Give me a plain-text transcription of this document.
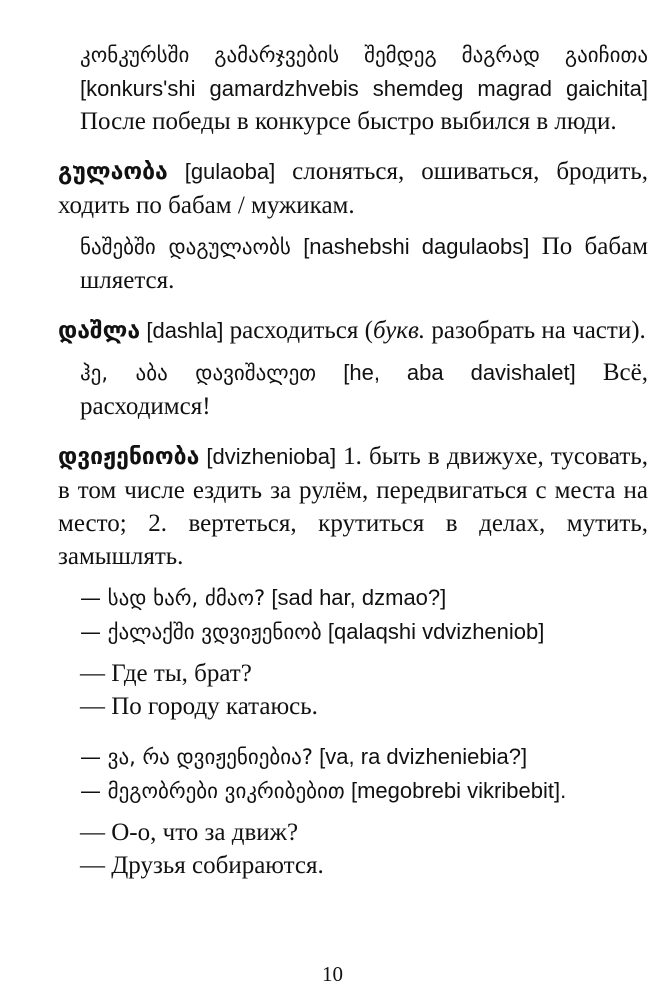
კონკურსში გამარჯვების შემდეგ მაგრად გაიჩითა [konkurs'shi gamardzhvebis shemdeg magrad gaichita] После победы в конкурсе быстро выбился в люди.
გულაობა [gulaoba] слоняться, ошиваться, бродить, ходить по бабам / мужикам.
ნაშებში დაგულაობს [nashebshi dagulaobs] По бабам шляется.
დაშლა [dashla] расходиться (букв. разобрать на части).
ჰე, აბა დავიშალეთ [he, aba davishalet] Всё, расходимся!
დვიჟენიობა [dvizhenioba] 1. быть в движухе, тусовать, в том числе ездить за рулём, передвигаться с места на место; 2. вертеться, крутиться в делах, мутить, замышлять.
— სად ხარ, ძმაო? [sad har, dzmao?]
— ქალაქში ვდვიჟენიობ [qalaqshi vdvizheniob]
— Где ты, брат?
— По городу катаюсь.
— ვა, რა დვიჟენიებია? [va, ra dvizheniebia?]
— მეგობრები ვიკრიბებით [megobrebi vikribebit].
— О-о, что за движ?
— Друзья собираются.
10
